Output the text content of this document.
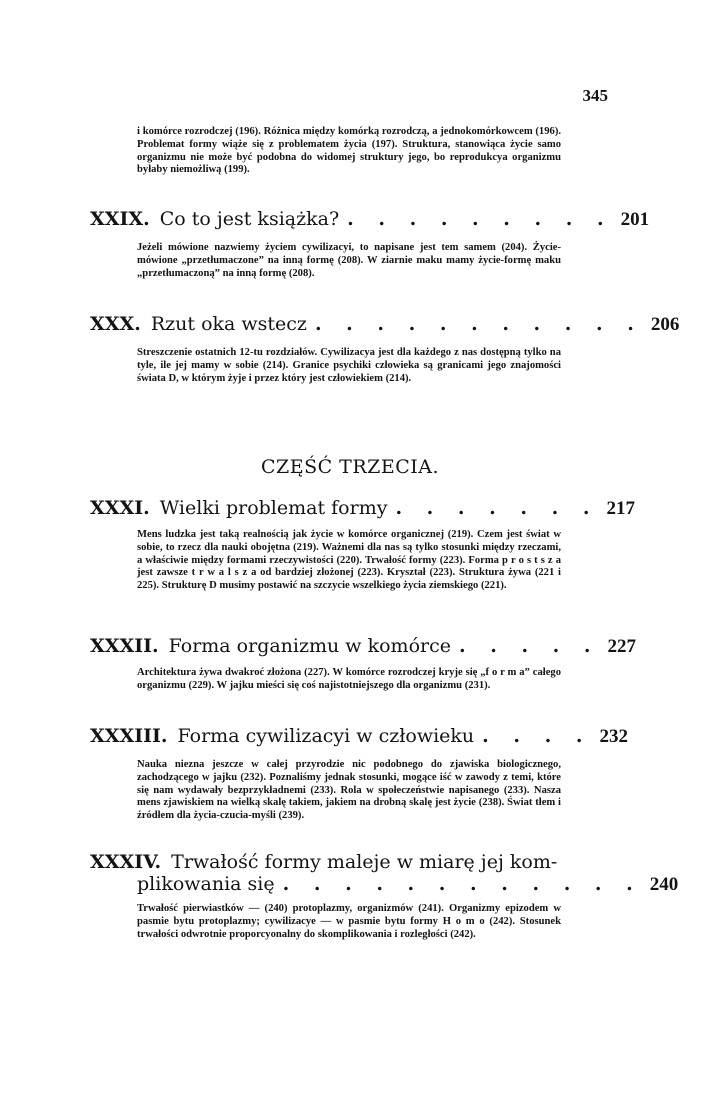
345

i komórce rozrodczej (196). Różnica między komórką rozrodczą, a jednokomórkowcem (196). Problemat formy wiąże się z problematem życia (197). Struktura, stanowiąca życie samo organizmu nie może być podobna do widomej struktury jego, bo reprodukcya organizmu byłaby niemożliwą (199).

XXIX. Co to jest książka? . . . . . . . . . 201

Jeżeli mówione nazwiemy życiem cywilizacyi, to napisane jest tem samem (204). Życie-mówione „przetłumaczone” na inną formę (208). W ziarnie maku mamy życie-formę maku „przetłumaczoną” na inną formę (208).

XXX. Rzut oka wstecz . . . . . . . . . . . 206

Streszczenie ostatnich 12-tu rozdziałów. Cywilizacya jest dla każdego z nas dostępną tylko na tyle, ile jej mamy w sobie (214). Granice psychiki człowieka są granicami jego znajomości świata D, w którym żyje i przez który jest człowiekiem (214).

CZĘŚĆ TRZECIA.
XXXI. Wielki problemat formy . . . . . . . 217

Mens ludzka jest taką realnością jak życie w komórce organicznej (219). Czem jest świat w sobie, to rzecz dla nauki obojętna (219). Ważnemi dla nas są tylko stosunki między rzeczami, a właściwie między formami rzeczywistości (220). Trwałość formy (223). Forma p r o s t s z a jest zawsze t r w a l s z a od bardziej złożonej (223). Kryształ (223). Struktura żywa (221 i 225). Strukturę D musimy postawić na szczycie wszelkiego życia ziemskiego (221).

XXXII. Forma organizmu w komórce . . . . . 227

Architektura żywa dwakroć złożona (227). W komórce rozrodczej kryje się „f o r m a” całego organizmu (229). W jajku mieści się coś najistotniejszego dla organizmu (231).

XXXIII. Forma cywilizacyi w człowieku . . . . 232

Nauka niezna jeszcze w całej przyrodzie nic podobnego do zjawiska biologicznego, zachodzącego w jajku (232). Poznaliśmy jednak stosunki, mogące iść w zawody z temi, które się nam wydawały bezprzykładnemi (233). Rola w społeczeństwie napisanego (233). Nasza mens zjawiskiem na wielką skalę takiem, jakiem na drobną skalę jest życie (238). Świat tłem i źródłem dla życia-czucia-myśli (239).

XXXIV. Trwałość formy maleje w miarę jej kom-
plikowania się . . . . . . . . . . . . 240

Trwałość pierwiastków — (240) protoplazmy, organizmów (241). Organizmy epizodem w pasmie bytu protoplazmy; cywilizacye — w pasmie bytu formy H o m o (242). Stosunek trwałości odwrotnie proporcyonalny do skomplikowania i rozległości (242).
